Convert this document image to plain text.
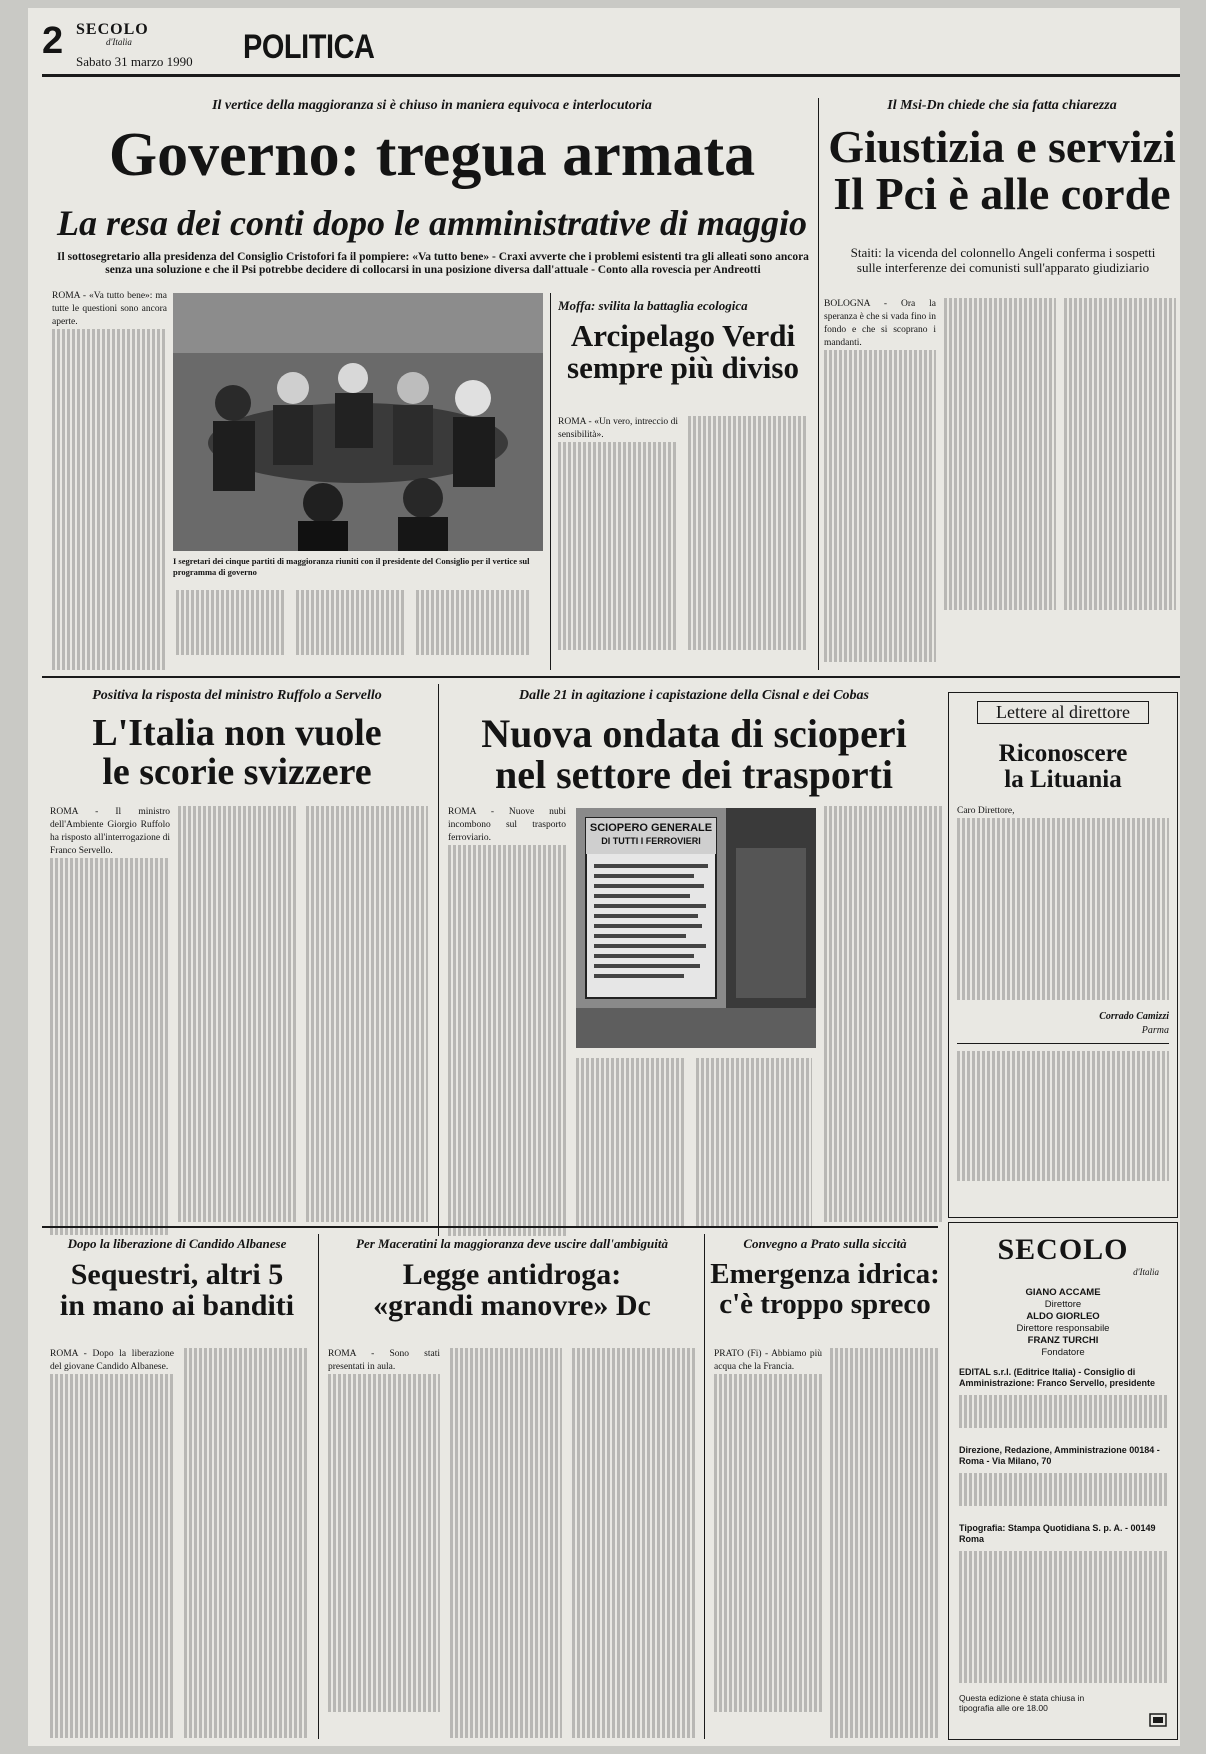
2 SECOLO
d'Italia
Sabato 31 marzo 1990 POLITICA
Il vertice della maggioranza si è chiuso in maniera equivoca e interlocutoria
Governo: tregua armata
La resa dei conti dopo le amministrative di maggio
Il sottosegretario alla presidenza del Consiglio Cristofori fa il pompiere: «Va tutto bene» - Craxi avverte che i problemi esistenti tra gli alleati sono ancora senza una soluzione e che il Psi potrebbe decidere di collocarsi in una posizione diversa dall'attuale - Conto alla rovescia per Andreotti

ROMA - «Va tutto bene»: ma tutte le questioni sono ancora aperte.

I segretari dei cinque partiti di maggioranza riuniti con il presidente del Consiglio per il vertice sul programma di governo
Moffa: svilita la battaglia ecologica
Arcipelago Verdi
sempre più diviso

ROMA - «Un vero, intreccio di sensibilità».

Il Msi-Dn chiede che sia fatta chiarezza
Giustizia e servizi
Il Pci è alle corde
Staiti: la vicenda del colonnello Angeli conferma i sospetti sulle interferenze dei comunisti sull'apparato giudiziario

BOLOGNA - Ora la speranza è che si vada fino in fondo e che si scoprano i mandanti.

Positiva la risposta del ministro Ruffolo a Servello
L'Italia non vuole
le scorie svizzere

ROMA - Il ministro dell'Ambiente Giorgio Ruffolo ha risposto all'interrogazione di Franco Servello.

Dalle 21 in agitazione i capistazione della Cisnal e dei Cobas
Nuova ondata di scioperi
nel settore dei trasporti

ROMA - Nuove nubi incombono sul trasporto ferroviario.

SCIOPERO GENERALE
DI TUTTI I FERROVIERI
Lettere al direttore
Riconoscere
la Lituania

Caro Direttore,

Corrado Camizzi
Parma
Dopo la liberazione di Candido Albanese
Sequestri, altri 5
in mano ai banditi

ROMA - Dopo la liberazione del giovane Candido Albanese.

Per Maceratini la maggioranza deve uscire dall'ambiguità
Legge antidroga:
«grandi manovre» Dc

ROMA - Sono stati presentati in aula.

Convegno a Prato sulla siccità
Emergenza idrica:
c'è troppo spreco

PRATO (Fi) - Abbiamo più acqua che la Francia.

SECOLO
d'Italia
GIANO ACCAME
Direttore
ALDO GIORLEO
Direttore responsabile
FRANZ TURCHI
Fondatore
EDITAL s.r.l. (Editrice Italia) - Consiglio di Amministrazione: Franco Servello, presidente
Direzione, Redazione, Amministrazione 00184 - Roma - Via Milano, 70
Tipografia: Stampa Quotidiana S. p. A. - 00149 Roma
Questa edizione è stata chiusa in tipografia alle ore 18.00
